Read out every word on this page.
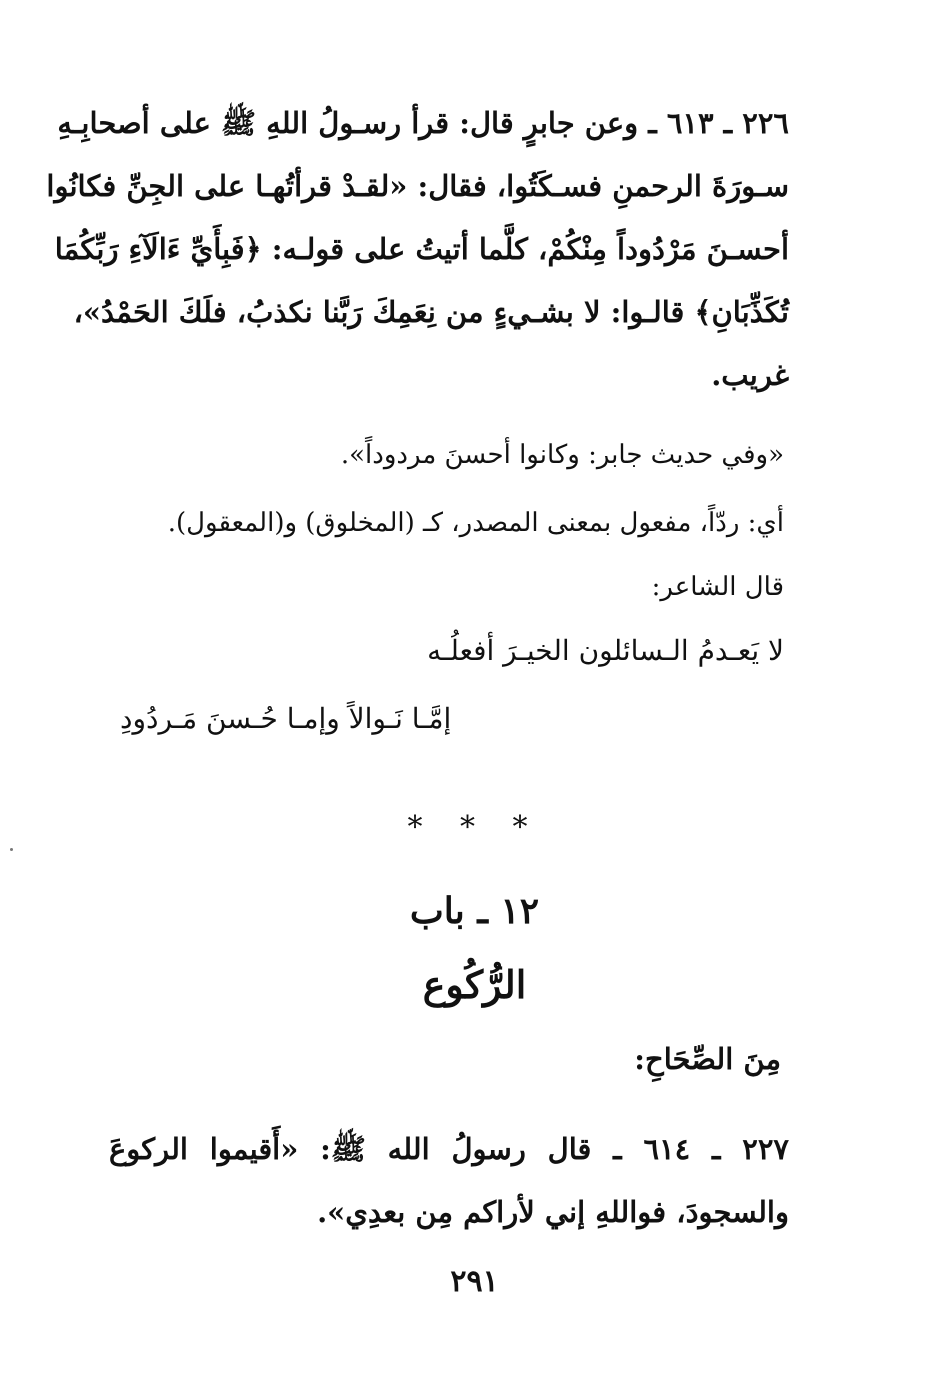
٢٢٦ ـ ٦١٣ ـ وعن جابرٍ قال: قرأ رسـولُ اللهِ ﷺ على أصحابِـهِ
سـورَةَ الرحمنِ فسـكَتُوا، فقال: «لقـدْ قرأتُهـا على الجِنِّ فكانُوا
أحسـنَ مَرْدُوداً مِنْكُمْ، كلَّما أتيتُ على قولـه: ﴿فَبِأَيِّ ءَالَآءِ رَبِّكُمَا
تُكَذِّبَانِ﴾ قالـوا: لا بشـيءٍ من نِعَمِكَ رَبَّنا نكذبُ، فلَكَ الحَمْدُ»،
غريب.
«وفي حديث جابر: وكانوا أحسنَ مردوداً».
أي: ردّاً، مفعول بمعنى المصدر، كـ (المخلوق) و(المعقول).
قال الشاعر:
لا يَعـدمُ الـسائلون الخيـرَ أفعلُـه
إمَّـا نَـوالاً وإمـا حُـسنَ مَـردُودِ
* * *
١٢ ـ باب
الرُّكُوع
مِنَ الصِّحَاحِ:
٢٢٧ ـ ٦١٤ ـ قال رسولُ الله ﷺ: «أَقيموا الركوعَ والسجودَ، فواللهِ إني لأراكم مِن بعدِي».
٢٩١
